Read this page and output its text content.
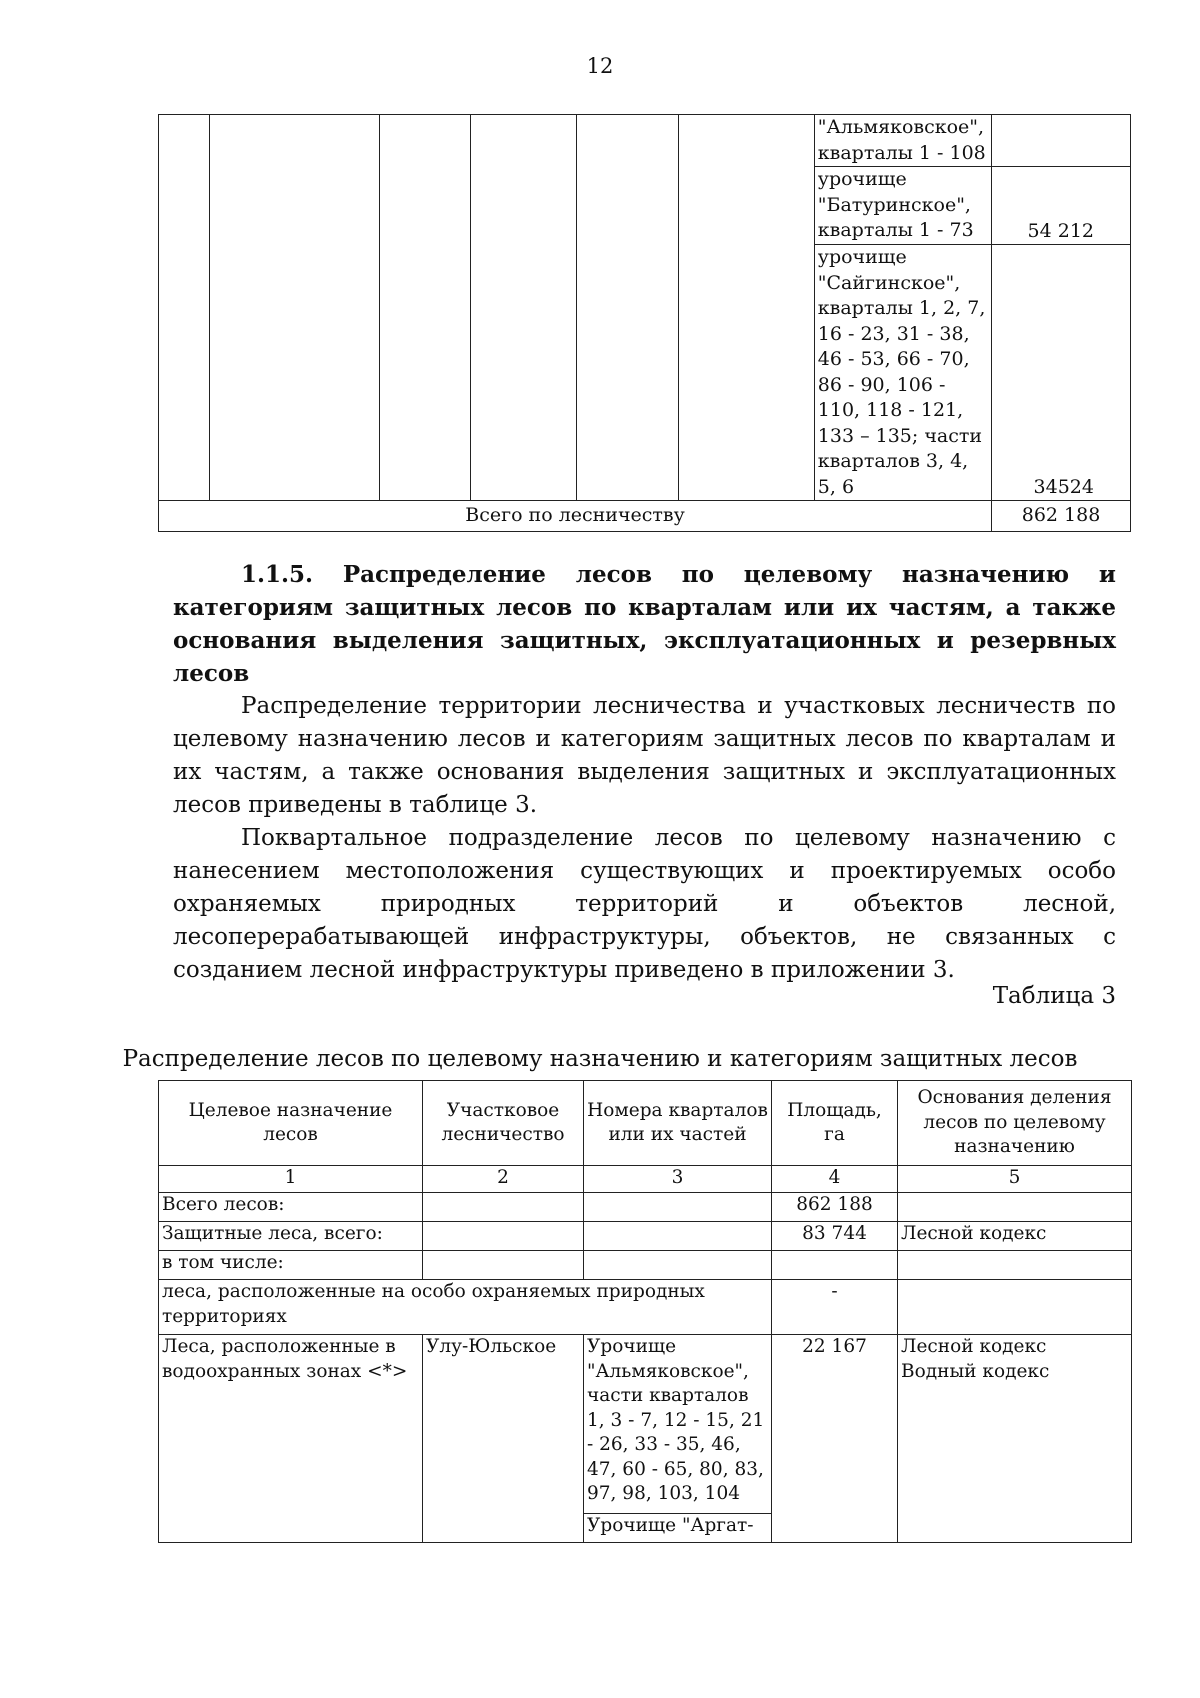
12
						"Альмяковское", кварталы 1 - 108	
						урочище "Батуринское", кварталы 1 - 73	54 212
						урочище "Сайгинское", кварталы 1, 2, 7, 16 - 23, 31 - 38, 46 - 53, 66 - 70, 86 - 90, 106 - 110, 118 - 121, 133 – 135; части кварталов 3, 4, 5, 6	34524
Всего по лесничеству							862 188

1.1.5. Распределение лесов по целевому назначению и категориям защитных лесов по кварталам или их частям, а также основания выделения защитных, эксплуатационных и резервных лесов

Распределение территории лесничества и участковых лесничеств по целевому назначению лесов и категориям защитных лесов по кварталам и их частям, а также основания выделения защитных и эксплуатационных лесов приведены в таблице 3.

Поквартальное подразделение лесов по целевому назначению с нанесением местоположения существующих и проектируемых особо охраняемых природных территорий и объектов лесной, лесоперерабатывающей инфраструктуры, объектов, не связанных с созданием лесной инфраструктуры приведено в приложении 3.

Таблица 3
Распределение лесов по целевому назначению и категориям защитных лесов
Целевое назначение лесов	Участковое лесничество	Номера кварталов или их частей	Площадь, га	Основания деления лесов по целевому назначению
1	2	3	4	5
Всего лесов:			862 188	
Защитные леса, всего:			83 744	Лесной кодекс
в том числе:				
леса, расположенные на особо охраняемых природных территориях			-	
Леса, расположенные в водоохранных зонах <*>	Улу-Юльское	Урочище "Альмяковское", части кварталов 1, 3 - 7, 12 - 15, 21 - 26, 33 - 35, 46, 47, 60 - 65, 80, 83, 97, 98, 103, 104	22 167	Лесной кодекс
Водный кодекс

		Урочище "Аргат-		
